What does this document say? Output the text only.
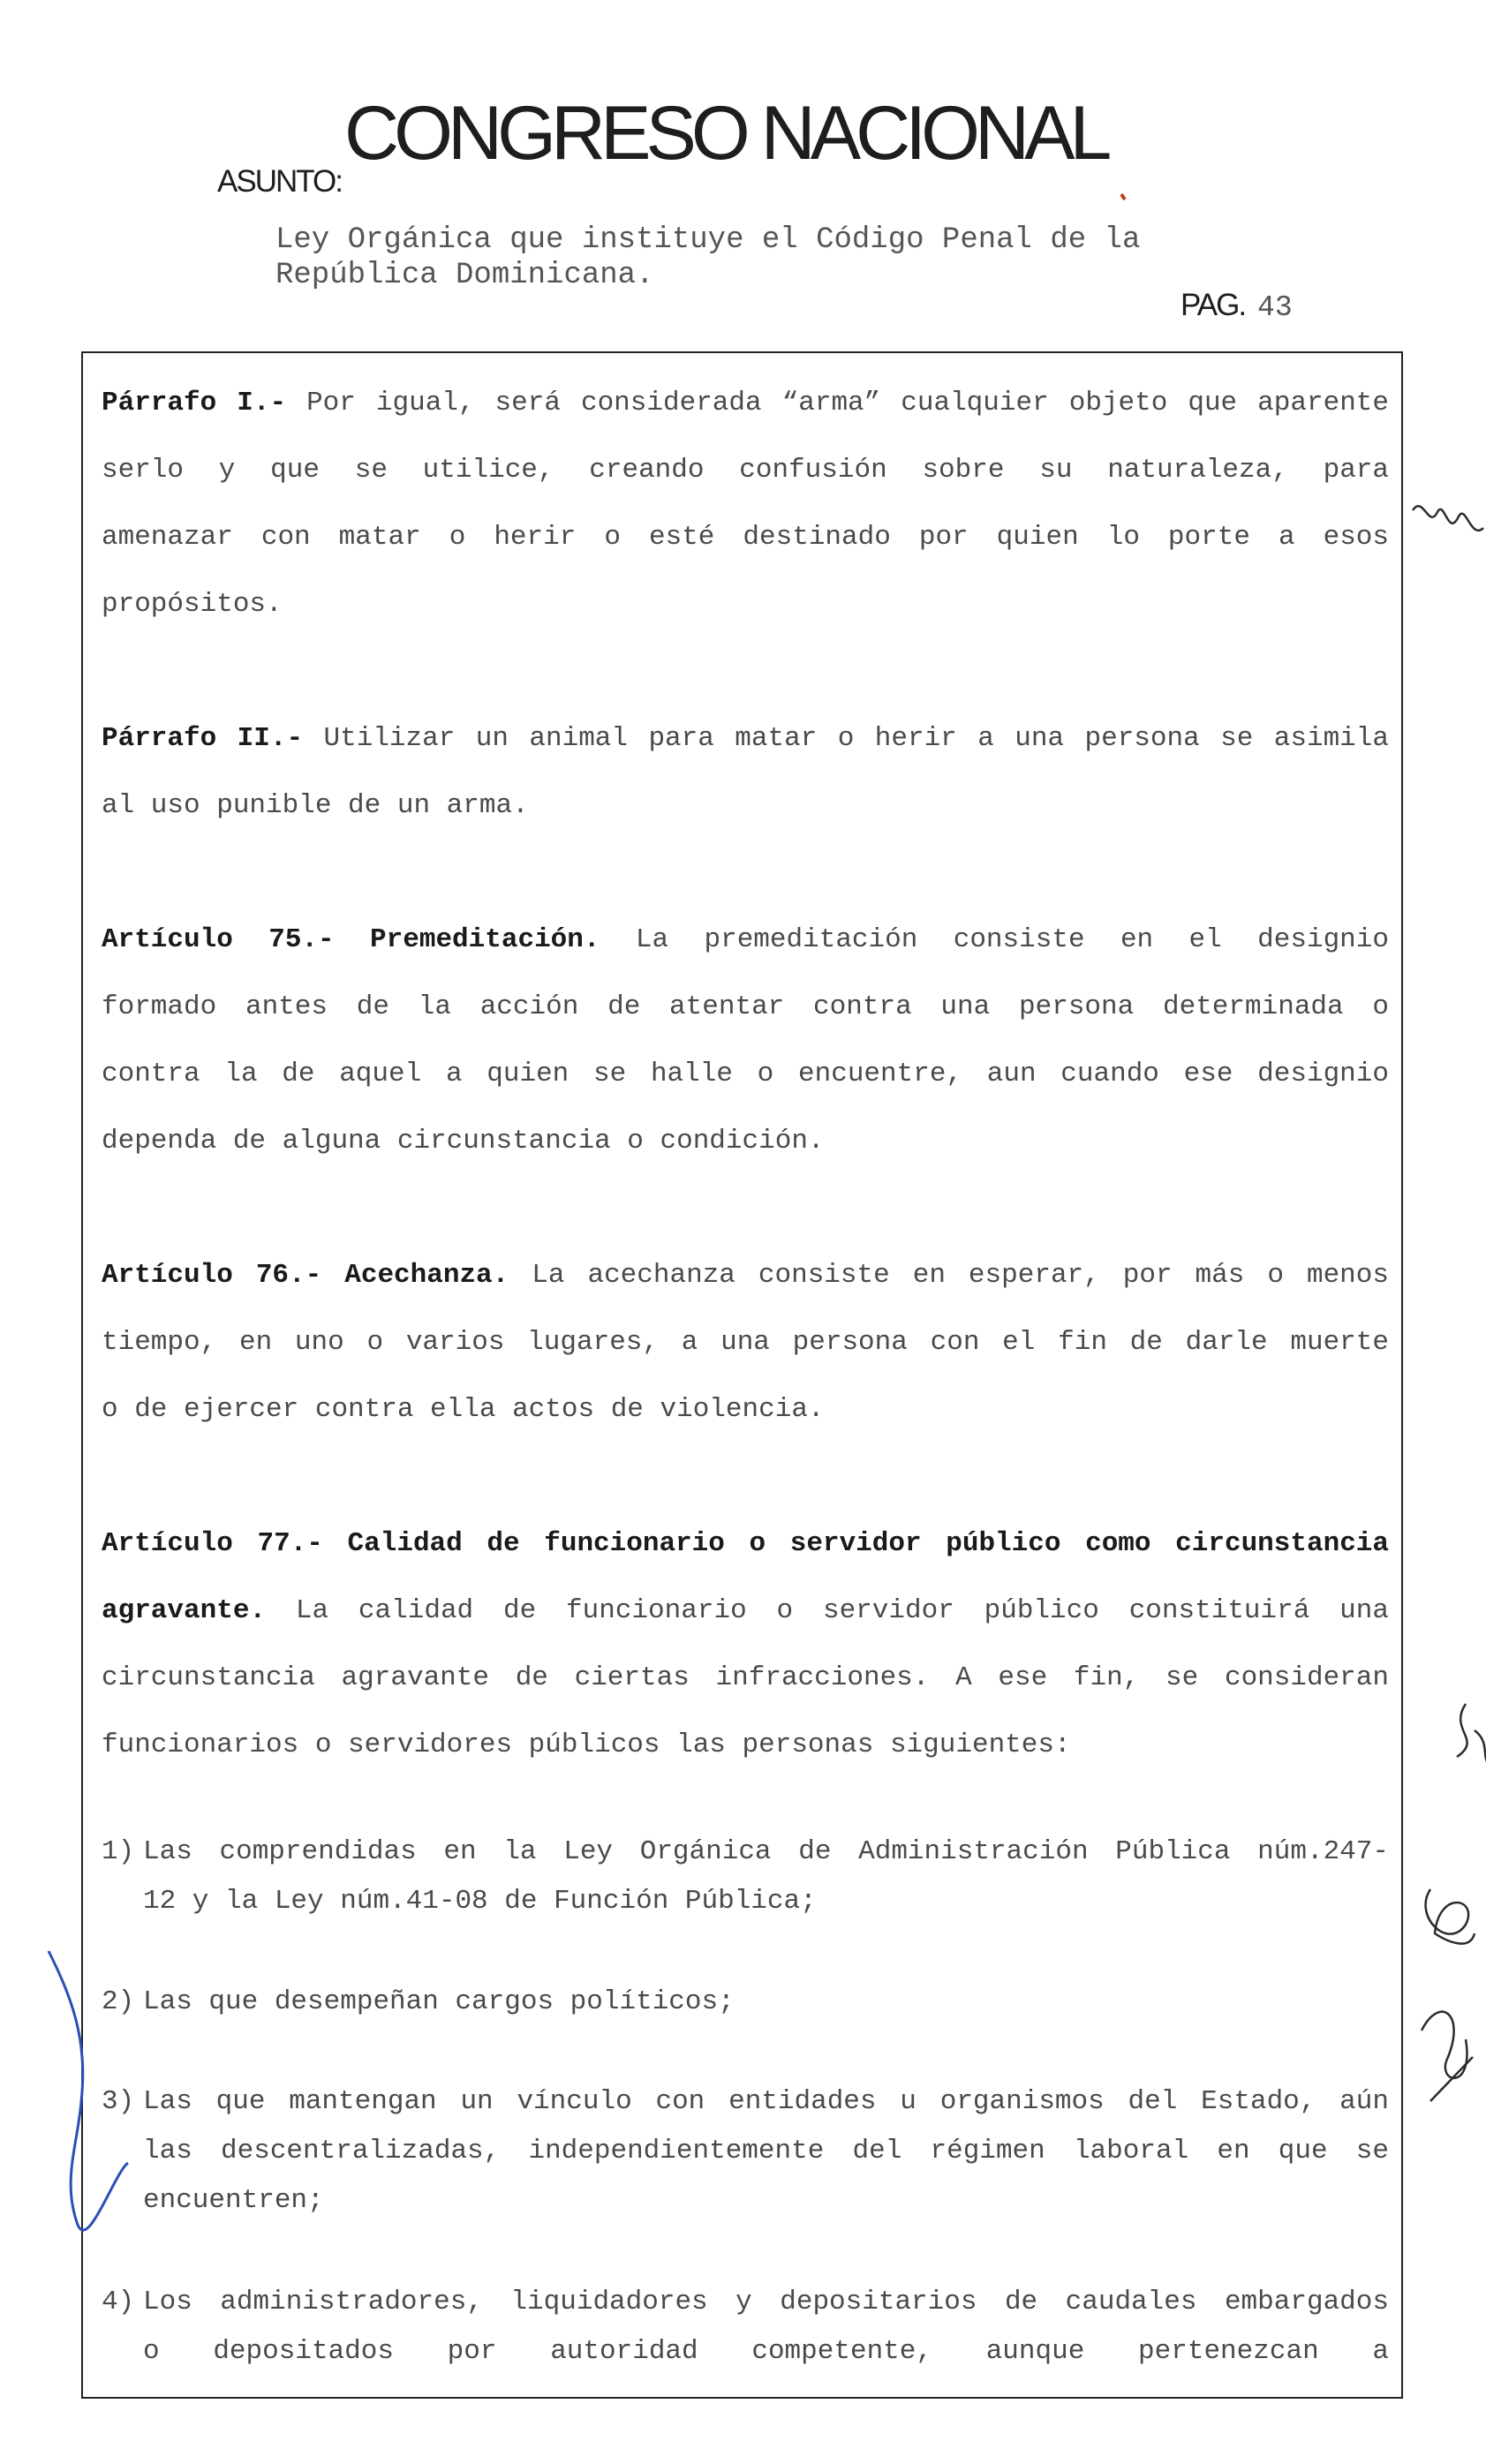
CONGRESO NACIONAL
ASUNTO:
Ley Orgánica que instituye el Código Penal de la
República Dominicana.
PAG. 43
Párrafo I.- Por igual, será considerada “arma” cualquier objeto que aparente
serlo y que se utilice, creando confusión sobre su naturaleza, para
amenazar con matar o herir o esté destinado por quien lo porte a esos
propósitos.
Párrafo II.- Utilizar un animal para matar o herir a una persona se asimila
al uso punible de un arma.
Artículo 75.- Premeditación. La premeditación consiste en el designio
formado antes de la acción de atentar contra una persona determinada o
contra la de aquel a quien se halle o encuentre, aun cuando ese designio
dependa de alguna circunstancia o condición.
Artículo 76.- Acechanza. La acechanza consiste en esperar, por más o menos
tiempo, en uno o varios lugares, a una persona con el fin de darle muerte
o de ejercer contra ella actos de violencia.
Artículo 77.- Calidad de funcionario o servidor público como circunstancia
agravante. La calidad de funcionario o servidor público constituirá una
circunstancia agravante de ciertas infracciones. A ese fin, se consideran
funcionarios o servidores públicos las personas siguientes:
1) Las comprendidas en la Ley Orgánica de Administración Pública núm.247-
12 y la Ley núm.41-08 de Función Pública;
2) Las que desempeñan cargos políticos;
3) Las que mantengan un vínculo con entidades u organismos del Estado, aún
las descentralizadas, independientemente del régimen laboral en que se
encuentren;
4) Los administradores, liquidadores y depositarios de caudales embargados
o depositados por autoridad competente, aunque pertenezcan a
